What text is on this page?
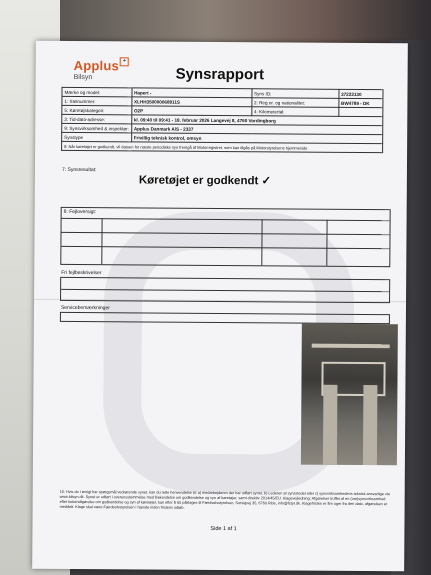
Applus +
Bilsyn	Synsrapport
Mærke og model:	Hapert -	Syns ID:	37223130
1: Stelnummer:	XLHH350000068911S	2: Reg.nr. og nationalitet:	BW4789 - DK
5: Køretøjskategori:	O2P	4: Kilometertal:	
3: Tid-dato-adresse:	kl. 09:40 til 09:41 - 18. februar 2026 Langevej 8, 4760 Vordingborg		
9: Synsvirksomhed & inspektør:	Applus Danmark A/S - 2337		
Synstype	Frivillig teknisk kontrol, omsyn		
8: Når køretøjet er godkendt, vil datoen for næste periodiske syn fremgå af Motorregistret, som kan tilgås på Motorstyrelsens hjemmeside			
7: Synsresultat:
Køretøjet er godkendt ✓
6: Fejloversigt:
Fri fejlbeskrivelser
Servicebemærkninger
10: Hvis du i øvrigt har spørgsmål vedrørende synet, kan du rette henvendelse til: a) medarbejderen der har udført synet, b) Lederen af synsstedet eller c) synsvirksomhedens teknisk ansvarlige via www.bilsyn.dk. Synet er udført i overensstemmelse med Bekendelse om godkendelse og syn af køretøjer, samt direktiv 2014/45/EU. Klagevejledning: Afgørelser truffet af en (om)synsvirksomhed efter bekendtgørelse om godkendelse og syn af køretøjer, kan efter § 65 påklages til Færdselsstyrelsen, Sorsigvej 35, 6760 Ribe, info@fstyr.dk. Klagefristen er fire uger fra den dato, afgørelsen er meddelt. Klage skal være Færdselsstyrelsen i hænde inden fristens udløb.
Side 1 af 1
